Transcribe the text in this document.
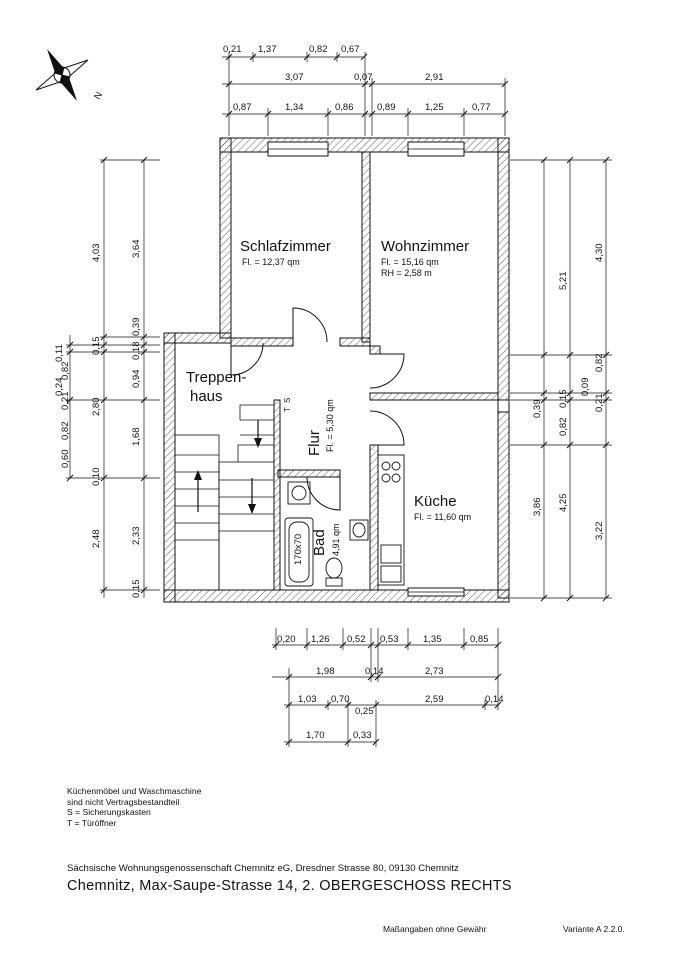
N
170x70
Schlafzimmer
Fl. = 12,37 qm
Wohnzimmer
Fl. = 15,16 qm
RH = 2,58 m
Treppen-
haus
Flur Fl. = 5,30 qm
Bad 4,91 qm
Küche
Fl. = 11,60 qm
S
T
0,21 1,37	0,82 0,67
3,07	0,07	2,91
0,87	1,34	0,86 0,89	1,25	0,77
4,03
0,11
0,24
0,60
2,48
0,15
0,82
0,21
0,82
2,80
0,10
3,64
0,39
0,18
0,94
1,68
2,33
0,15
0,39
3,86
5,21
0,15
0,82
4,25
4,30
0,82
0,09
0,21
3,22
0,20 1,26 0,52 0,53	1,35	0,85
1,98	0,14	2,73
1,03 0,70	2,59	0,14
0,25
1,70	0,33
Küchenmöbel und Waschmaschine
sind nicht Vertragsbestandteil
S = Sicherungskasten
T = Türöffner
Sächsische Wohnungsgenossenschaft Chemnitz eG, Dresdner Strasse 80, 09130 Chemnitz
Chemnitz, Max-Saupe-Strasse 14, 2. OBERGESCHOSS RECHTS
Maßangaben ohne Gewähr	Variante A 2.2.0.
